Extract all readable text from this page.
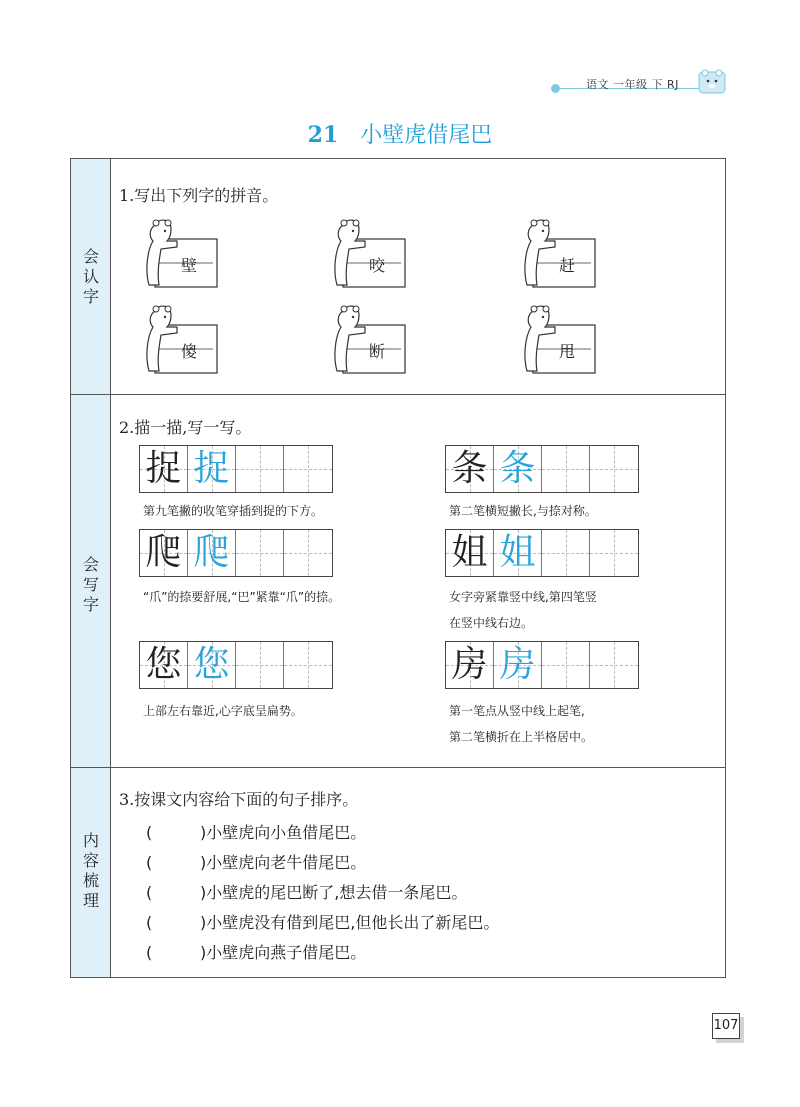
语文 一年级 下 RJ
21 小壁虎借尾巴
会
认
字
会
写
字
内
容
梳
理
1.写出下列字的拼音。
壁	咬	赶
傻	断	甩
2.描一描,写一写。
捉 捉
第九笔撇的收笔穿插到捉的下方。
条 条
第二笔横短撇长,与捺对称。
爬 爬
“爪”的捺要舒展,“巴”紧靠“爪”的捺。
姐 姐
女字旁紧靠竖中线,第四笔竖
在竖中线右边。
您 您
上部左右靠近,心字底呈扁势。
房 房
第一笔点从竖中线上起笔,
第二笔横折在上半格居中。
3.按课文内容给下面的句子排序。
(	)小壁虎向小鱼借尾巴。
(	)小壁虎向老牛借尾巴。
(	)小壁虎的尾巴断了,想去借一条尾巴。
(	)小壁虎没有借到尾巴,但他长出了新尾巴。
(	)小壁虎向燕子借尾巴。
107
